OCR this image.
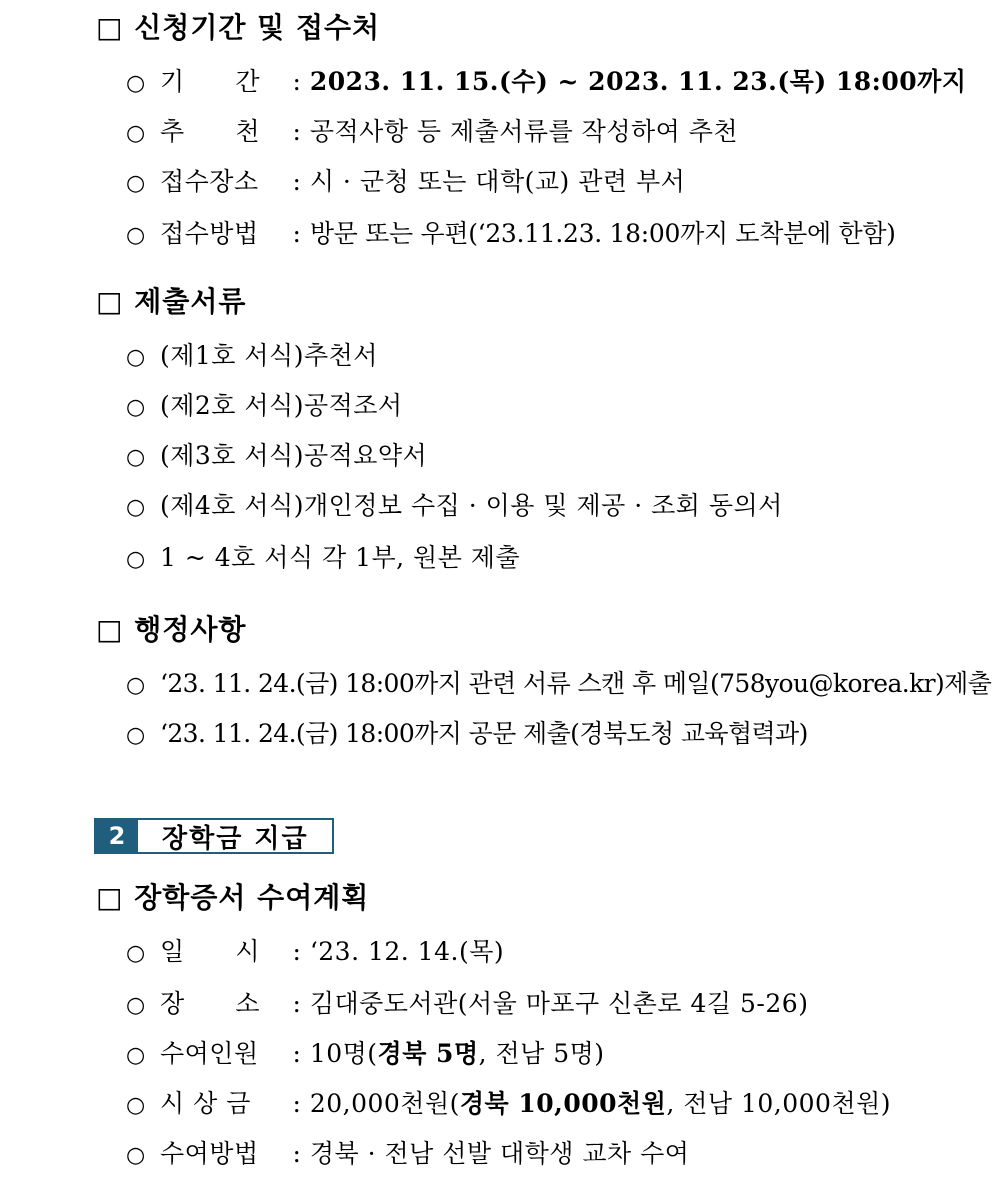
□ 신청기간 및 접수처
○ 기      간 : 2023. 11. 15.(수) ~ 2023. 11. 23.(목) 18:00까지
○ 추      천 : 공적사항 등 제출서류를 작성하여 추천
○ 접수장소 : 시 · 군청 또는 대학(교) 관련 부서
○ 접수방법 : 방문 또는 우편(‘23.11.23. 18:00까지 도착분에 한함)
□ 제출서류
○ (제1호 서식)추천서
○ (제2호 서식)공적조서
○ (제3호 서식)공적요약서
○ (제4호 서식)개인정보 수집 · 이용 및 제공 · 조회 동의서
○ 1 ~ 4호 서식 각 1부, 원본 제출
□ 행정사항
○ ‘23. 11. 24.(금) 18:00까지 관련 서류 스캔 후 메일(758you@korea.kr)제출
○ ‘23. 11. 24.(금) 18:00까지 공문 제출(경북도청 교육협력과)
2	장학금 지급
□ 장학증서 수여계획
○ 일      시 : ‘23. 12. 14.(목)
○ 장      소 : 김대중도서관(서울 마포구 신촌로 4길 5-26)
○ 수여인원 : 10명(경북 5명, 전남 5명)
○ 시 상 금 : 20,000천원(경북 10,000천원, 전남 10,000천원)
○ 수여방법 : 경북 · 전남 선발 대학생 교차 수여
